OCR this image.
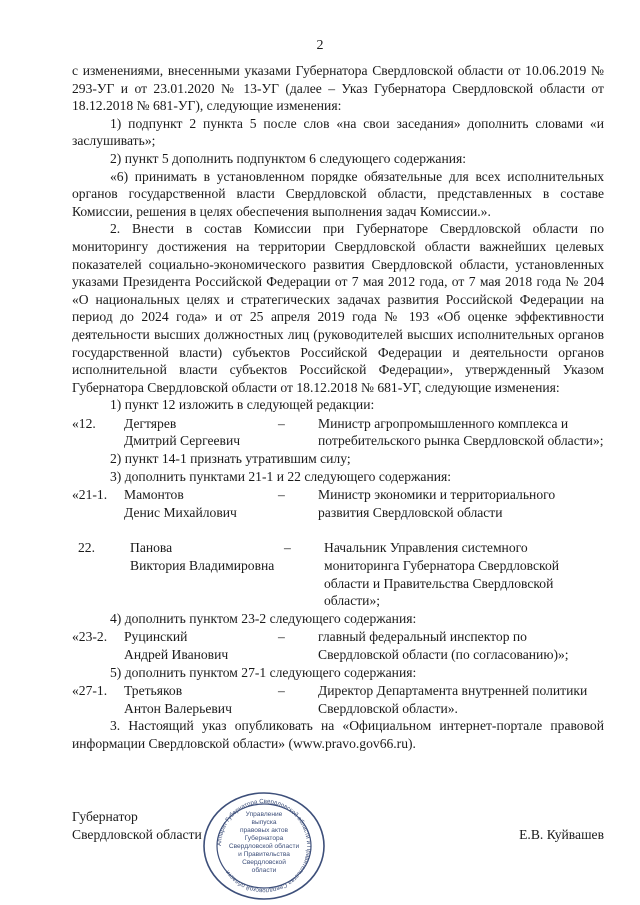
2

с изменениями, внесенными указами Губернатора Свердловской области от 10.06.2019 № 293-УГ и от 23.01.2020 № 13-УГ (далее – Указ Губернатора Свердловской области от 18.12.2018 № 681-УГ), следующие изменения:

1) подпункт 2 пункта 5 после слов «на свои заседания» дополнить словами «и заслушивать»;

2) пункт 5 дополнить подпунктом 6 следующего содержания:

«6) принимать в установленном порядке обязательные для всех исполнительных органов государственной власти Свердловской области, представленных в составе Комиссии, решения в целях обеспечения выполнения задач Комиссии.».

2. Внести в состав Комиссии при Губернаторе Свердловской области по мониторингу достижения на территории Свердловской области важнейших целевых показателей социально-экономического развития Свердловской области, установленных указами Президента Российской Федерации от 7 мая 2012 года, от 7 мая 2018 года № 204 «О национальных целях и стратегических задачах развития Российской Федерации на период до 2024 года» и от 25 апреля 2019 года № 193 «Об оценке эффективности деятельности высших должностных лиц (руководителей высших исполнительных органов государственной власти) субъектов Российской Федерации и деятельности органов исполнительной власти субъектов Российской Федерации», утвержденный Указом Губернатора Свердловской области от 18.12.2018 № 681-УГ, следующие изменения:

1) пункт 12 изложить в следующей редакции:

«12.	Дегтярев
Дмитрий Сергеевич
–	Министр агропромышленного комплекса и потребительского рынка Свердловской области»;

2) пункт 14-1 признать утратившим силу;

3) дополнить пунктами 21-1 и 22 следующего содержания:

«21-1.	Мамонтов
Денис Михайлович
–	Министр экономики и территориального развития Свердловской области
22.	Панова
Виктория Владимировна
–	Начальник Управления системного мониторинга Губернатора Свердловской области и Правительства Свердловской области»;

4) дополнить пунктом 23-2 следующего содержания:

«23-2.	Руцинский
Андрей Иванович
–	главный федеральный инспектор по Свердловской области (по согласованию)»;

5) дополнить пунктом 27-1 следующего содержания:

«27-1.	Третьяков
Антон Валерьевич
–	Директор Департамента внутренней политики Свердловской области».

3. Настоящий указ опубликовать на «Официальном интернет-портале правовой информации Свердловской области» (www.pravo.gov66.ru).

Губернатор
Свердловской области	Е.В. Куйвашев
Аппарат Губернатора Свердловской области и Правительства Свердловской области
Управление
выпуска
правовых актов
Губернатора
Свердловской области
и Правительства
Свердловской
области
